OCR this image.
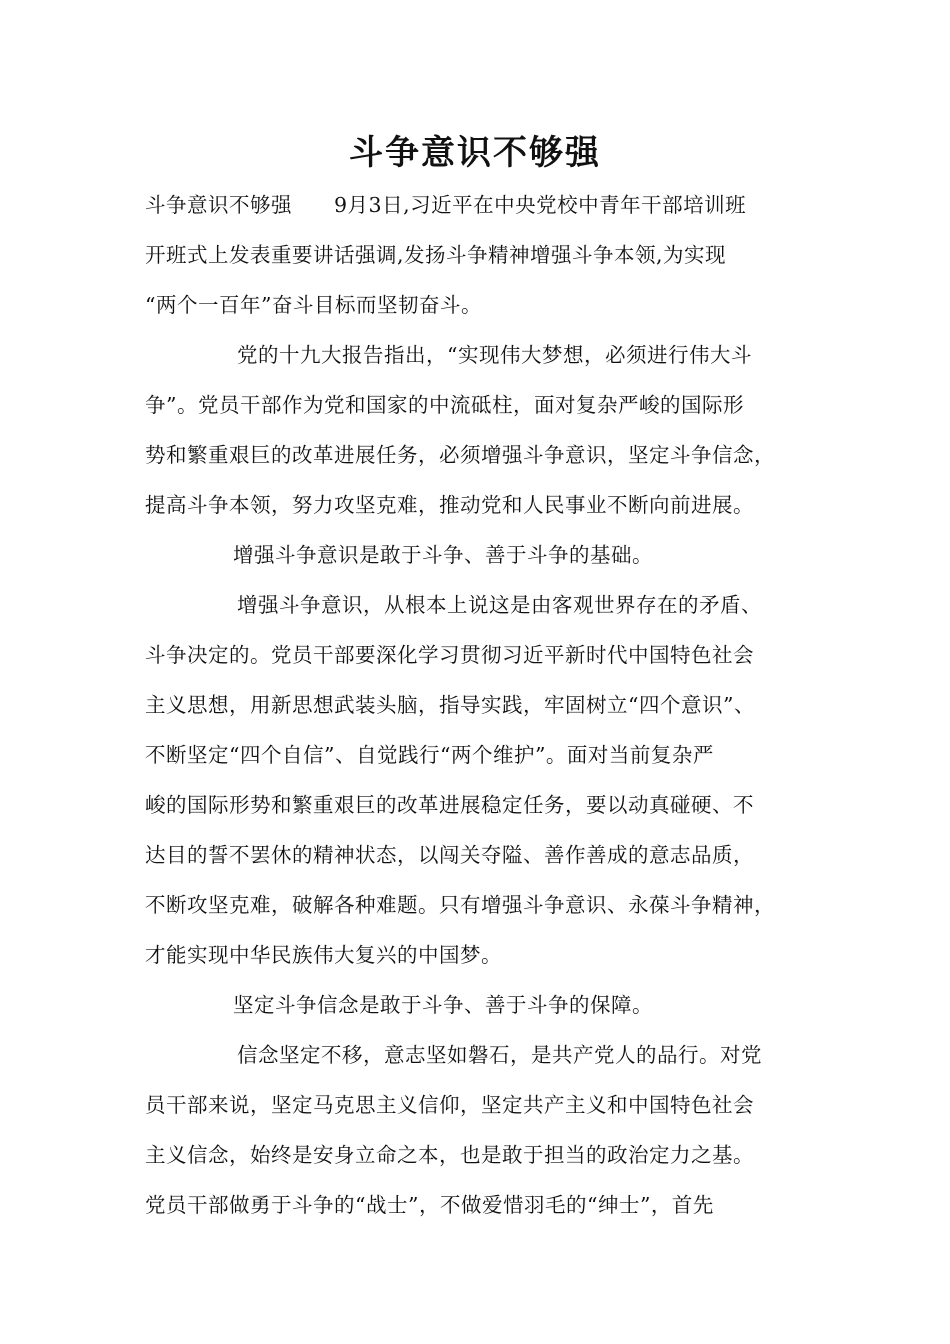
斗争意识不够强
斗争意识不够强　　9月3日,习近平在中央党校中青年干部培训班
开班式上发表重要讲话强调,发扬斗争精神增强斗争本领,为实现
“两个一百年”奋斗目标而坚韧奋斗。
党的十九大报告指出，“实现伟大梦想，必须进行伟大斗
争”。党员干部作为党和国家的中流砥柱，面对复杂严峻的国际形
势和繁重艰巨的改革进展任务，必须增强斗争意识，坚定斗争信念，
提高斗争本领，努力攻坚克难，推动党和人民事业不断向前进展。
增强斗争意识是敢于斗争、善于斗争的基础。
增强斗争意识，从根本上说这是由客观世界存在的矛盾、
斗争决定的。党员干部要深化学习贯彻习近平新时代中国特色社会
主义思想，用新思想武装头脑，指导实践，牢固树立“四个意识”、
不断坚定“四个自信”、自觉践行“两个维护”。面对当前复杂严
峻的国际形势和繁重艰巨的改革进展稳定任务，要以动真碰硬、不
达目的誓不罢休的精神状态，以闯关夺隘、善作善成的意志品质，
不断攻坚克难，破解各种难题。只有增强斗争意识、永葆斗争精神，
才能实现中华民族伟大复兴的中国梦。
坚定斗争信念是敢于斗争、善于斗争的保障。
信念坚定不移，意志坚如磐石，是共产党人的品行。对党
员干部来说，坚定马克思主义信仰，坚定共产主义和中国特色社会
主义信念，始终是安身立命之本，也是敢于担当的政治定力之基。
党员干部做勇于斗争的“战士”，不做爱惜羽毛的“绅士”，首先
